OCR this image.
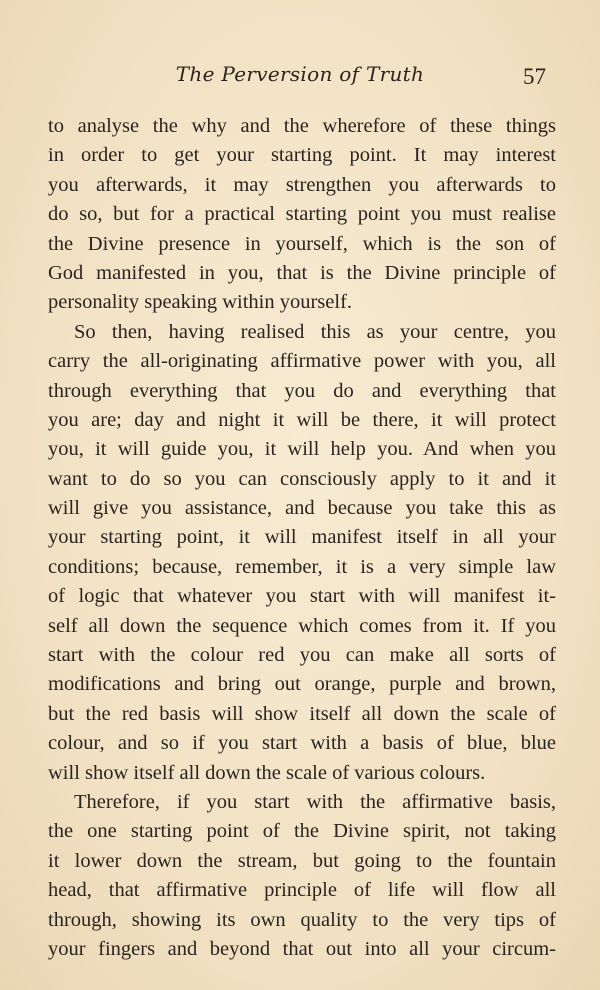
The Perversion of Truth	57
to analyse the why and the wherefore of these things
in order to get your starting point. It may interest
you afterwards, it may strengthen you afterwards to
do so, but for a practical starting point you must realise
the Divine presence in yourself, which is the son of
God manifested in you, that is the Divine principle of
personality speaking within yourself.
So then, having realised this as your centre, you
carry the all-originating affirmative power with you, all
through everything that you do and everything that
you are; day and night it will be there, it will protect
you, it will guide you, it will help you. And when you
want to do so you can consciously apply to it and it
will give you assistance, and because you take this as
your starting point, it will manifest itself in all your
conditions; because, remember, it is a very simple law
of logic that whatever you start with will manifest it-
self all down the sequence which comes from it. If you
start with the colour red you can make all sorts of
modifications and bring out orange, purple and brown,
but the red basis will show itself all down the scale of
colour, and so if you start with a basis of blue, blue
will show itself all down the scale of various colours.
Therefore, if you start with the affirmative basis,
the one starting point of the Divine spirit, not taking
it lower down the stream, but going to the fountain
head, that affirmative principle of life will flow all
through, showing its own quality to the very tips of
your fingers and beyond that out into all your circum-
